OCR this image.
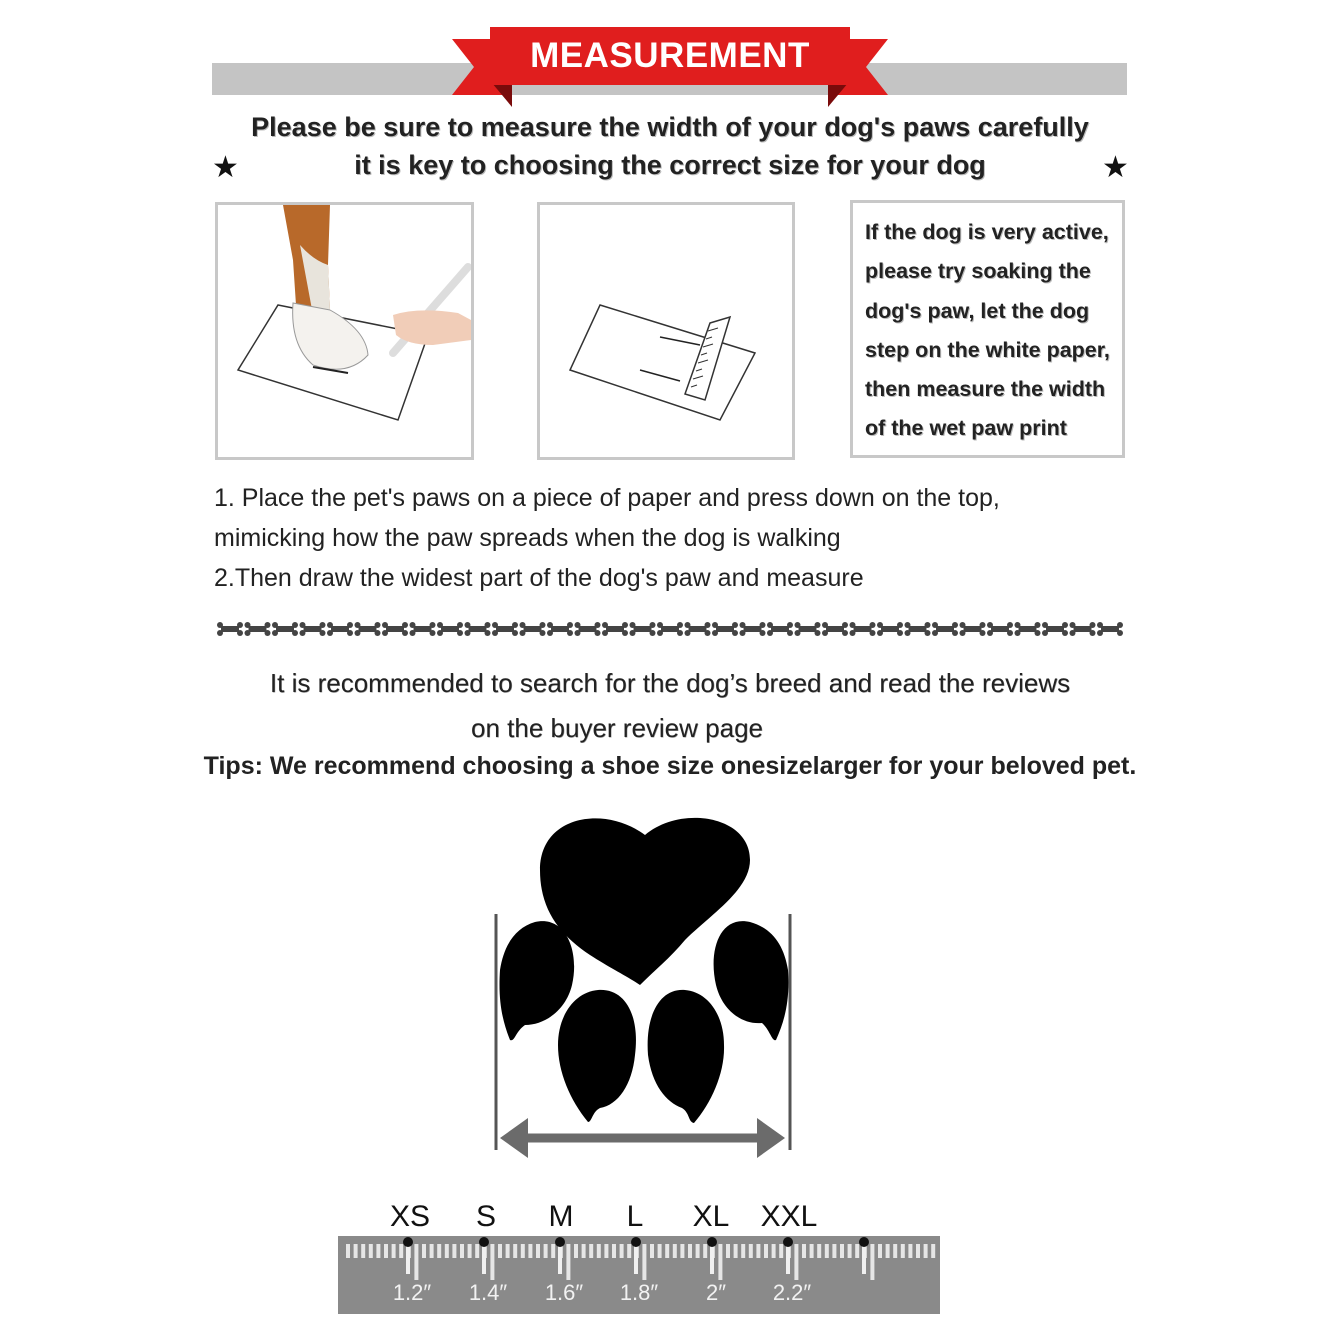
MEASUREMENT
Please be sure to measure the width of your dog's paws carefully
it is key to choosing the correct size for your dog
★	★
If the dog is very active,
please try soaking the
dog's paw, let the dog
step on the white paper,
then measure the width
of the wet paw print
1. Place the pet's paws on a piece of paper and press down on the top,
mimicking how the paw spreads when the dog is walking
2.Then draw the widest part of the dog's paw and measure
It is recommended to search for the dog’s breed and read the reviews
on the buyer review page
Tips: We recommend choosing a shoe size onesizelarger for your beloved pet.
XS	S	M	L	XL	XXL
1.2″	1.4″	1.6″	1.8″	2″	2.2″
